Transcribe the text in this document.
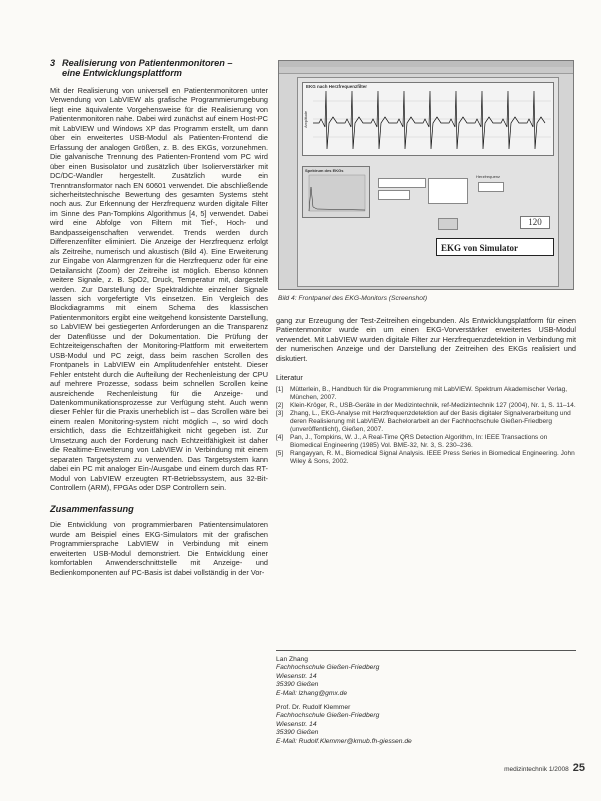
3 Realisierung von Patientenmonitoren –
eine Entwicklungsplattform

Mit der Realisierung von universell en Patientenmonitoren unter Verwendung von LabVIEW als grafische Programmierumgebung liegt eine äquivalente Vorgehensweise für die Realisierung von Patientenmonitoren nahe. Dabei wird zunächst auf einem Host-PC mit LabVIEW und Windows XP das Programm erstellt, um dann über ein erweitertes USB-Modul als Patienten-Frontend die Erfassung der analogen Größen, z. B. des EKGs, vorzunehmen. Die galvanische Trennung des Patienten-Frontend vom PC wird über einen Busisolator und zusätzlich über Isolierverstärker mit DC/DC-Wandler hergestellt. Zusätzlich wurde ein Trenntransformator nach EN 60601 verwendet. Die abschließende sicherheitstechnische Bewertung des gesamten Systems steht noch aus. Zur Erkennung der Herzfrequenz wurden digitale Filter im Sinne des Pan-Tompkins Algorithmus [4, 5] verwendet. Dabei wird eine Abfolge von Filtern mit Tief-, Hoch- und Bandpasseigenschaften verwendet. Trends werden durch Differenzenfilter eliminiert. Die Anzeige der Herzfrequenz erfolgt als Zeitreihe, numerisch und akustisch (Bild 4). Eine Erweiterung zur Eingabe von Alarmgrenzen für die Herzfrequenz oder für eine Detailansicht (Zoom) der Zeitreihe ist möglich. Ebenso können weitere Signale, z. B. SpO2, Druck, Temperatur mit, dargestellt werden. Zur Darstellung der Spektraldichte einzelner Signale lassen sich vorgefertigte VIs einsetzen. Ein Vergleich des Blockdiagramms mit einem Schema des klassischen Patientenmonitors ergibt eine weitgehend konsistente Darstellung, so LabVIEW bei gestiegerten Anforderungen an die Transparenz der Datenflüsse und der Dokumentation. Die Prüfung der Echtzeiteigenschaften der Monitoring-Plattform mit erweitertem USB-Modul und PC zeigt, dass beim raschen Scrollen des Frontpanels in LabVIEW ein Amplitudenfehler entsteht. Dieser Fehler entsteht durch die Aufteilung der Rechenleistung der CPU auf mehrere Prozesse, sodass beim schnellen Scrollen keine ausreichende Rechenleistung für die Anzeige- und Datenkommunikationsprozesse zur Verfügung steht. Auch wenn dieser Fehler für die Praxis unerheblich ist – das Scrollen wäre bei einem realen Monitoring-system nicht möglich –, so wird doch ersichtlich, dass die Echtzeitfähigkeit nicht gegeben ist. Zur Umsetzung auch der Forderung nach Echtzeitfähigkeit ist daher die Realtime-Erweiterung von LabVIEW in Verbindung mit einem separaten Targetsystem zu verwenden. Das Targetsystem kann dabei ein PC mit analoger Ein-/Ausgabe und einem durch das RT-Modul von LabVIEW erzeugten RT-Betriebssystem, aus 32-Bit-Controllern (ARM), FPGAs oder DSP Controllern sein.

Zusammenfassung

Die Entwicklung von programmierbaren Patientensimulatoren wurde am Beispiel eines EKG-Simulators mit der grafischen Programmiersprache LabVIEW in Verbindung mit einem erweiterten USB-Modul demonstriert. Die Entwicklung einer komfortablen Anwenderschnittstelle mit Anzeige- und Bedienkomponenten auf PC-Basis ist dabei vollständig in der Vor-

EKG nach Herzfrequenzfilter
Amplitude
Spektrum des EKGs
Herzfrequenz
120
EKG von Simulator
Bild 4: Frontpanel des EKG-Monitors (Screenshot)

gang zur Erzeugung der Test-Zeitreihen eingebunden. Als Entwicklungsplattform für einen Patientenmonitor wurde ein um einen EKG-Vorverstärker erweitertes USB-Modul verwendet. Mit LabVIEW wurden digitale Filter zur Herzfrequenzdetektion in Verbindung mit der numerischen Anzeige und der Darstellung der Zeitreihen des EKGs realisiert und diskutiert.

Literatur
[1]	Mütterlein, B., Handbuch für die Programmierung mit LabVIEW. Spektrum Akademischer Verlag, München, 2007.
[2]	Klein-Kröger, R., USB-Geräte in der Medizintechnik, ref-Medizintechnik 127 (2004), Nr. 1, S. 11–14.
[3]	Zhang, L., EKG-Analyse mit Herzfrequenzdetektion auf der Basis digitaler Signalverarbeitung und deren Realisierung mit LabVIEW. Bachelorarbeit an der Fachhochschule Gießen-Friedberg (unveröffentlicht), Gießen, 2007.
[4]	Pan, J., Tompkins, W. J., A Real-Time QRS Detection Algorithm, In: IEEE Transactions on Biomedical Engineering (1985) Vol. BME-32, Nr. 3, S. 230–236.
[5]	Rangayyan, R. M., Biomedical Signal Analysis. IEEE Press Series in Biomedical Engineering. John Wiley & Sons, 2002.
Lan Zhang
Fachhochschule Gießen-Friedberg
Wiesenstr. 14
35390 Gießen
E-Mail: lzhang@gmx.de
Prof. Dr. Rudolf Klemmer
Fachhochschule Gießen-Friedberg
Wiesenstr. 14
35390 Gießen
E-Mail: Rudolf.Klemmer@kmub.fh-giessen.de
medizintechnik 1/2008 25
